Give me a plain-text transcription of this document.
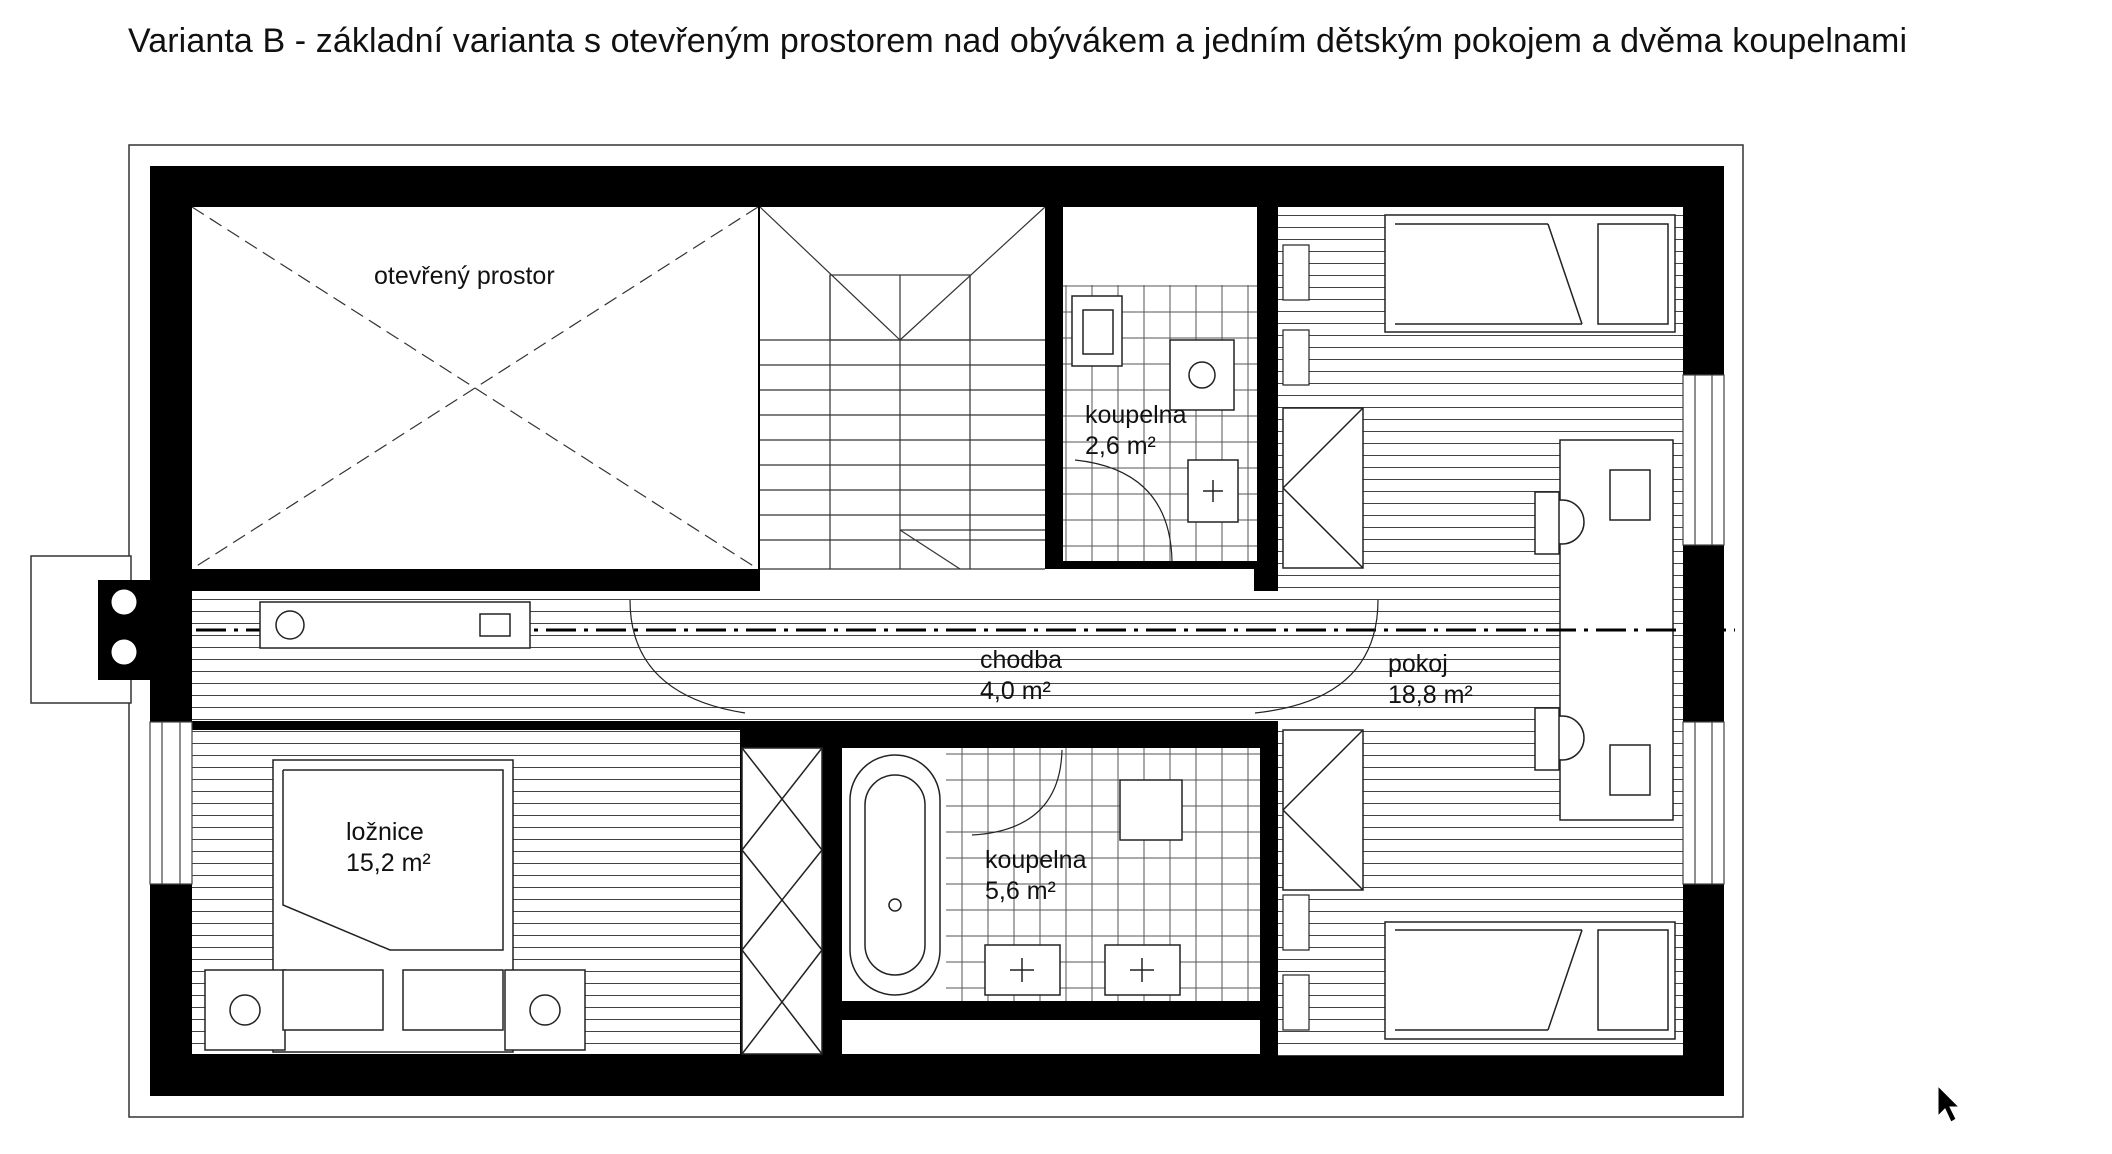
Varianta B - základní varianta s otevřeným prostorem nad obývákem a jedním dětským pokojem a dvěma koupelnami
otevřený prostor
koupelna
2,6 m²
chodba
4,0 m²
pokoj
18,8 m²
ložnice
15,2 m²	koupelna
5,6 m²
